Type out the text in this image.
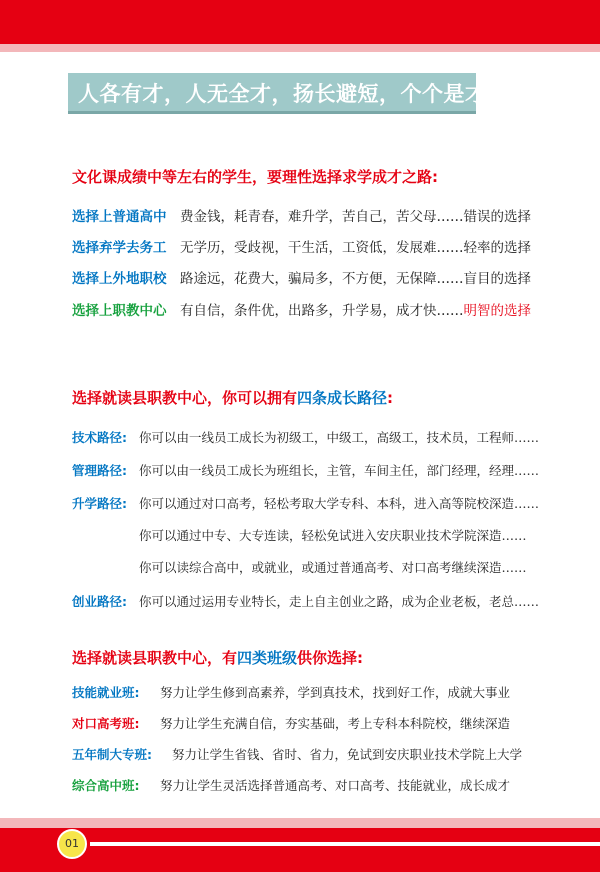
人各有才，人无全才，扬长避短，个个是才!
文化课成绩中等左右的学生，要理性选择求学成才之路:
选择上普通高中 费金钱，耗青春，难升学，苦自己，苦父母……错误的选择
选择弃学去务工 无学历，受歧视，干生活，工资低，发展难……轻率的选择
选择上外地职校 路途远，花费大，骗局多，不方便，无保障……盲目的选择
选择上职教中心 有自信，条件优，出路多，升学易，成才快……明智的选择
选择就读县职教中心，你可以拥有四条成长路径:
技术路径: 你可以由一线员工成长为初级工，中级工，高级工，技术员，工程师……
管理路径: 你可以由一线员工成长为班组长，主管，车间主任，部门经理，经理……
升学路径: 你可以通过对口高考，轻松考取大学专科、本科，进入高等院校深造……
你可以通过中专、大专连读，轻松免试进入安庆职业技术学院深造……
你可以读综合高中，或就业，或通过普通高考、对口高考继续深造……
创业路径: 你可以通过运用专业特长，走上自主创业之路，成为企业老板，老总……
选择就读县职教中心，有四类班级供你选择:
技能就业班: 努力让学生修到高素养，学到真技术，找到好工作，成就大事业
对口高考班: 努力让学生充满自信，夯实基础，考上专科本科院校，继续深造
五年制大专班: 努力让学生省钱、省时、省力，免试到安庆职业技术学院上大学
综合高中班: 努力让学生灵活选择普通高考、对口高考、技能就业，成长成才
01
